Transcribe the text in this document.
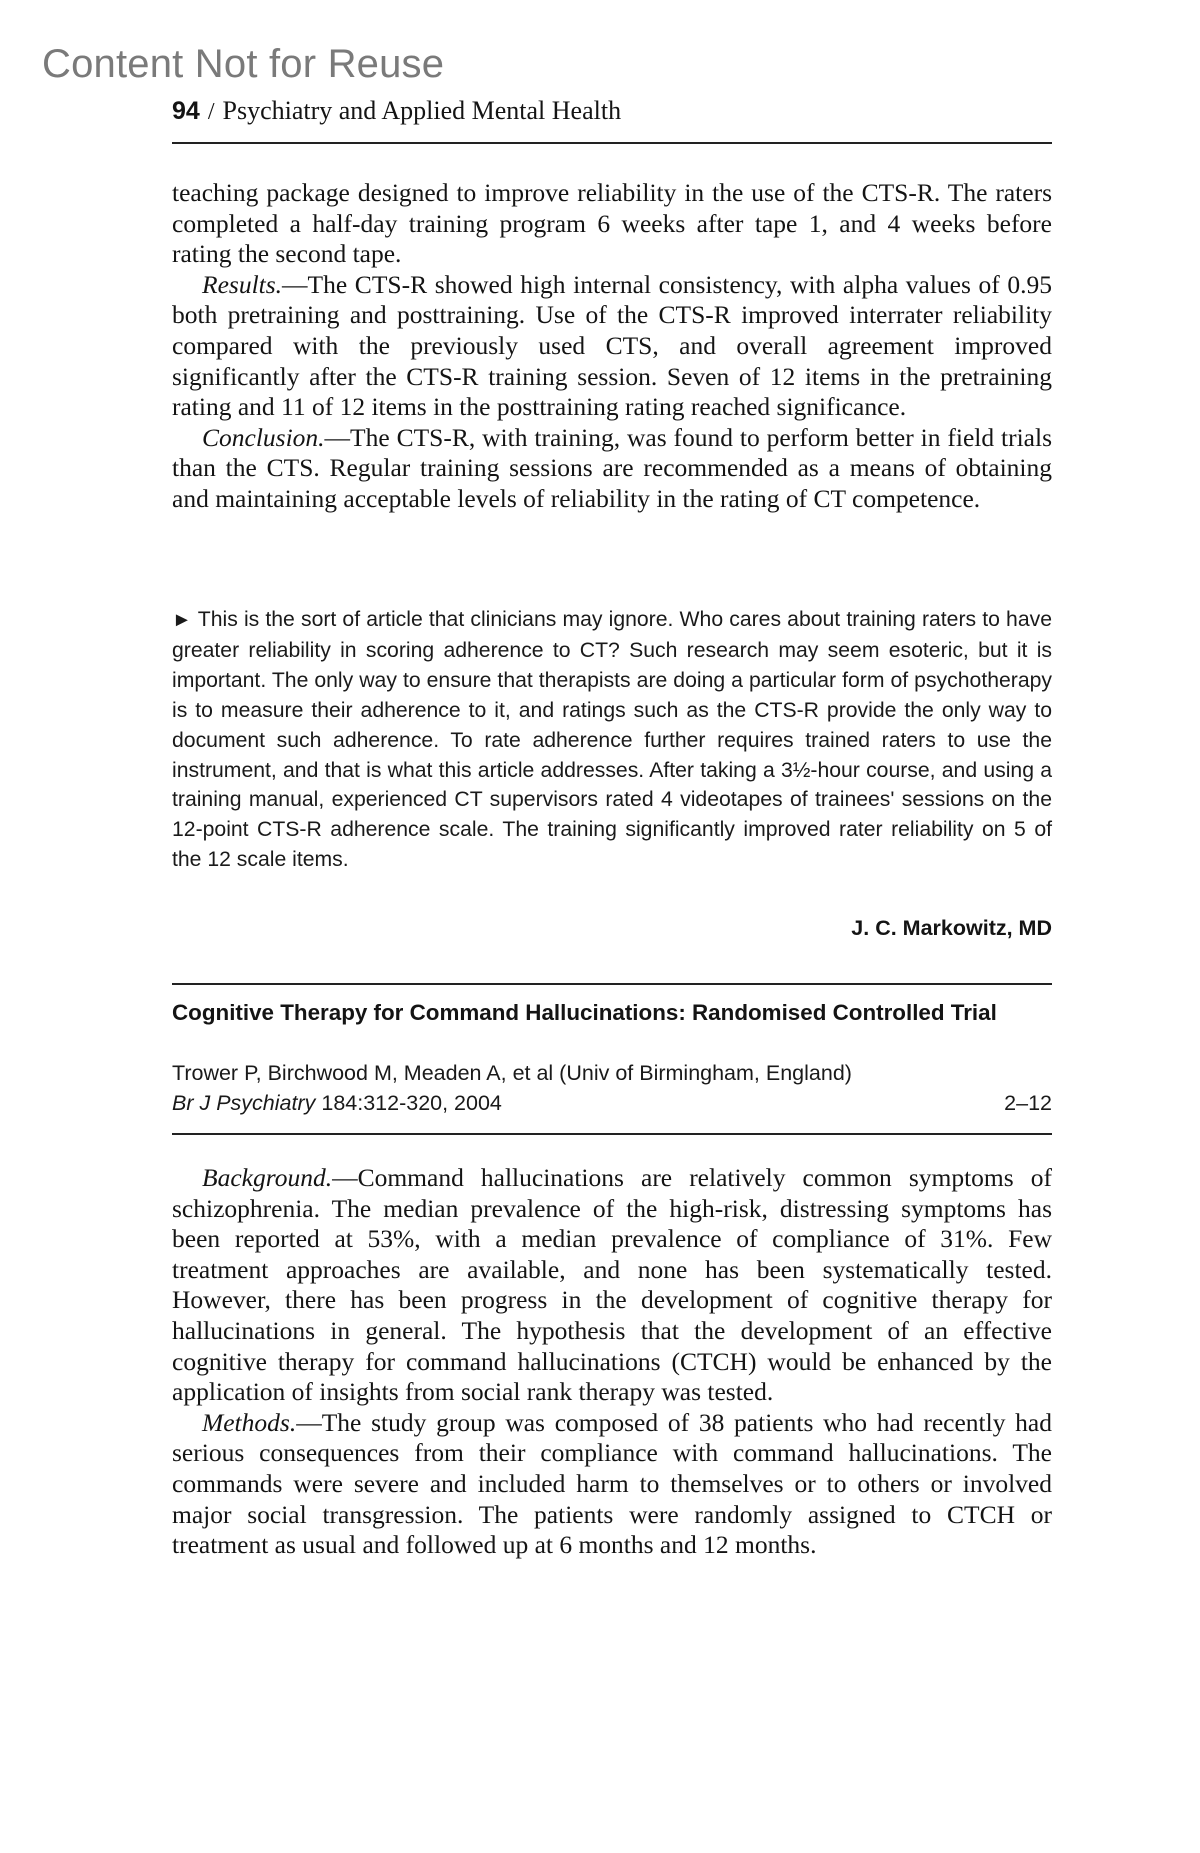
Content Not for Reuse
94 / Psychiatry and Applied Mental Health

teaching package designed to improve reliability in the use of the CTS-R. The raters completed a half-day training program 6 weeks after tape 1, and 4 weeks before rating the second tape.

Results.—The CTS-R showed high internal consistency, with alpha values of 0.95 both pretraining and posttraining. Use of the CTS-R improved interrater reliability compared with the previously used CTS, and overall agreement improved significantly after the CTS-R training session. Seven of 12 items in the pretraining rating and 11 of 12 items in the posttraining rating reached significance.

Conclusion.—The CTS-R, with training, was found to perform better in field trials than the CTS. Regular training sessions are recommended as a means of obtaining and maintaining acceptable levels of reliability in the rating of CT competence.

► This is the sort of article that clinicians may ignore. Who cares about training raters to have greater reliability in scoring adherence to CT? Such research may seem esoteric, but it is important. The only way to ensure that therapists are doing a particular form of psychotherapy is to measure their adherence to it, and ratings such as the CTS-R provide the only way to document such adherence. To rate adherence further requires trained raters to use the instrument, and that is what this article addresses. After taking a 3½-hour course, and using a training manual, experienced CT supervisors rated 4 videotapes of trainees' sessions on the 12-point CTS-R adherence scale. The training significantly improved rater reliability on 5 of the 12 scale items.

J. C. Markowitz, MD
Cognitive Therapy for Command Hallucinations: Randomised Controlled Trial
Trower P, Birchwood M, Meaden A, et al (Univ of Birmingham, England)
Br J Psychiatry 184:312-320, 2004	2–12

Background.—Command hallucinations are relatively common symptoms of schizophrenia. The median prevalence of the high-risk, distressing symptoms has been reported at 53%, with a median prevalence of compliance of 31%. Few treatment approaches are available, and none has been systematically tested. However, there has been progress in the development of cognitive therapy for hallucinations in general. The hypothesis that the development of an effective cognitive therapy for command hallucinations (CTCH) would be enhanced by the application of insights from social rank therapy was tested.

Methods.—The study group was composed of 38 patients who had recently had serious consequences from their compliance with command hallucinations. The commands were severe and included harm to themselves or to others or involved major social transgression. The patients were randomly assigned to CTCH or treatment as usual and followed up at 6 months and 12 months.
